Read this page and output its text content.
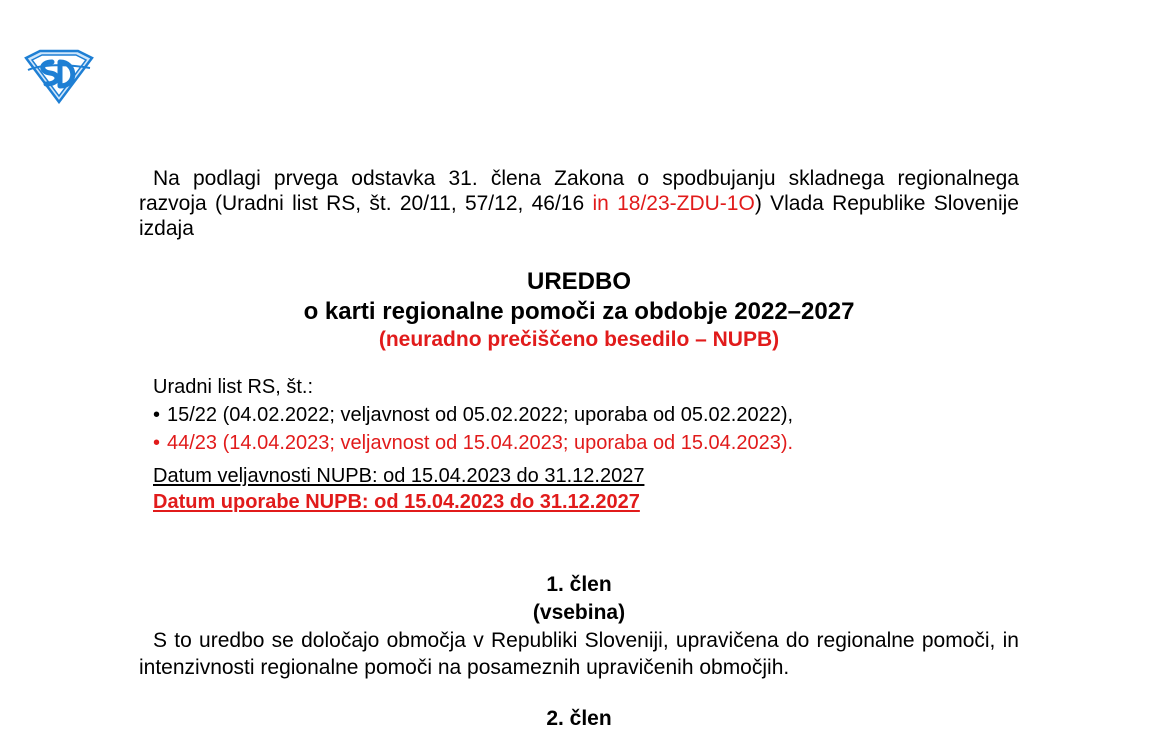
Na podlagi prvega odstavka 31. člena Zakona o spodbujanju skladnega regionalnega razvoja (Uradni list RS, št. 20/11, 57/12, 46/16 in 18/23-ZDU-1O) Vlada Republike Slovenije izdaja

UREDBO
o karti regionalne pomoči za obdobje 2022–2027
(neuradno prečiščeno besedilo – NUPB)
Uradni list RS, št.:
• 15/22 (04.02.2022; veljavnost od 05.02.2022; uporaba od 05.02.2022),
• 44/23 (14.04.2023; veljavnost od 15.04.2023; uporaba od 15.04.2023).
Datum veljavnosti NUPB: od 15.04.2023 do 31.12.2027
Datum uporabe NUPB: od 15.04.2023 do 31.12.2027
1. člen
(vsebina)

S to uredbo se določajo območja v Republiki Sloveniji, upravičena do regionalne pomoči, in intenzivnosti regionalne pomoči na posameznih upravičenih območjih.

2. člen
